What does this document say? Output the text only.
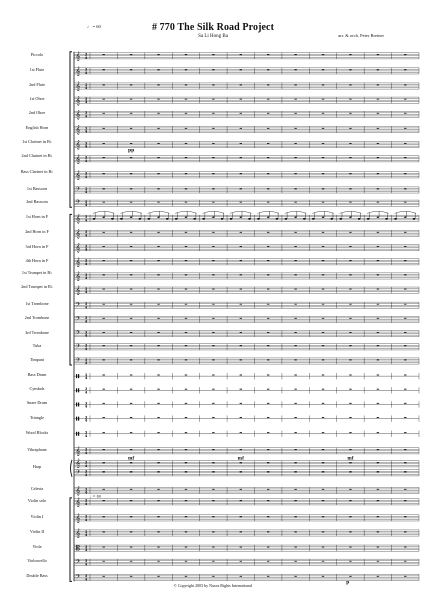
♩ = 60	# 770 The Silk Road Project
Sa Li Hong Ba	arr. & orch. Peter Breiner
Piccolo
1st Flute
2nd Flute
1st Oboe
2nd Oboe
English Horn
1st Clarinet in B♭
2nd Clarinet in B♭
Bass Clarinet in B♭
1st Bassoon
2nd Bassoon
1st Horn in F
2nd Horn in F
3rd Horn in F
4th Horn in F
1st Trumpet in B♭
2nd Trumpet in B♭
1st Trombone
2nd Trombone
3rd Trombone
Tuba
Timpani
Bass Drum
Cymbals
Snare Drum
Triangle
Wood Blocks
Vibraphone
Harp
Celesta
Violin solo
Violin I
Violin II
Viola
Violoncello
Double Bass
𝄞 3
4
𝄞 3
4
𝄞 3
4
𝄞 3
4
𝄞 3
4
𝄞 3
4
𝄞 3
4
𝄞 3
4
𝄞 3
4
𝄢 3
4
𝄢 3
4
𝄞 3
4
𝄞 3
4
𝄞 3
4
𝄞 3
4
𝄞 3
4
𝄞 3
4
𝄢 3
4
𝄢 3
4
𝄢 3
4
𝄢 3
4
𝄢 3
4
3
4
3
4
3
4
3
4
3
4
𝄞 3
4
𝄞
𝄢
3
4
3
4
𝄞 3
4
𝄞 3
4
𝄞 3
4
𝄞 3
4
𝄡 3
4
𝄢 3
4
𝄢 3
4
pp
mf	mf	mf
p
♩ = 60
© Copyright 2003 by Naxos Rights International
